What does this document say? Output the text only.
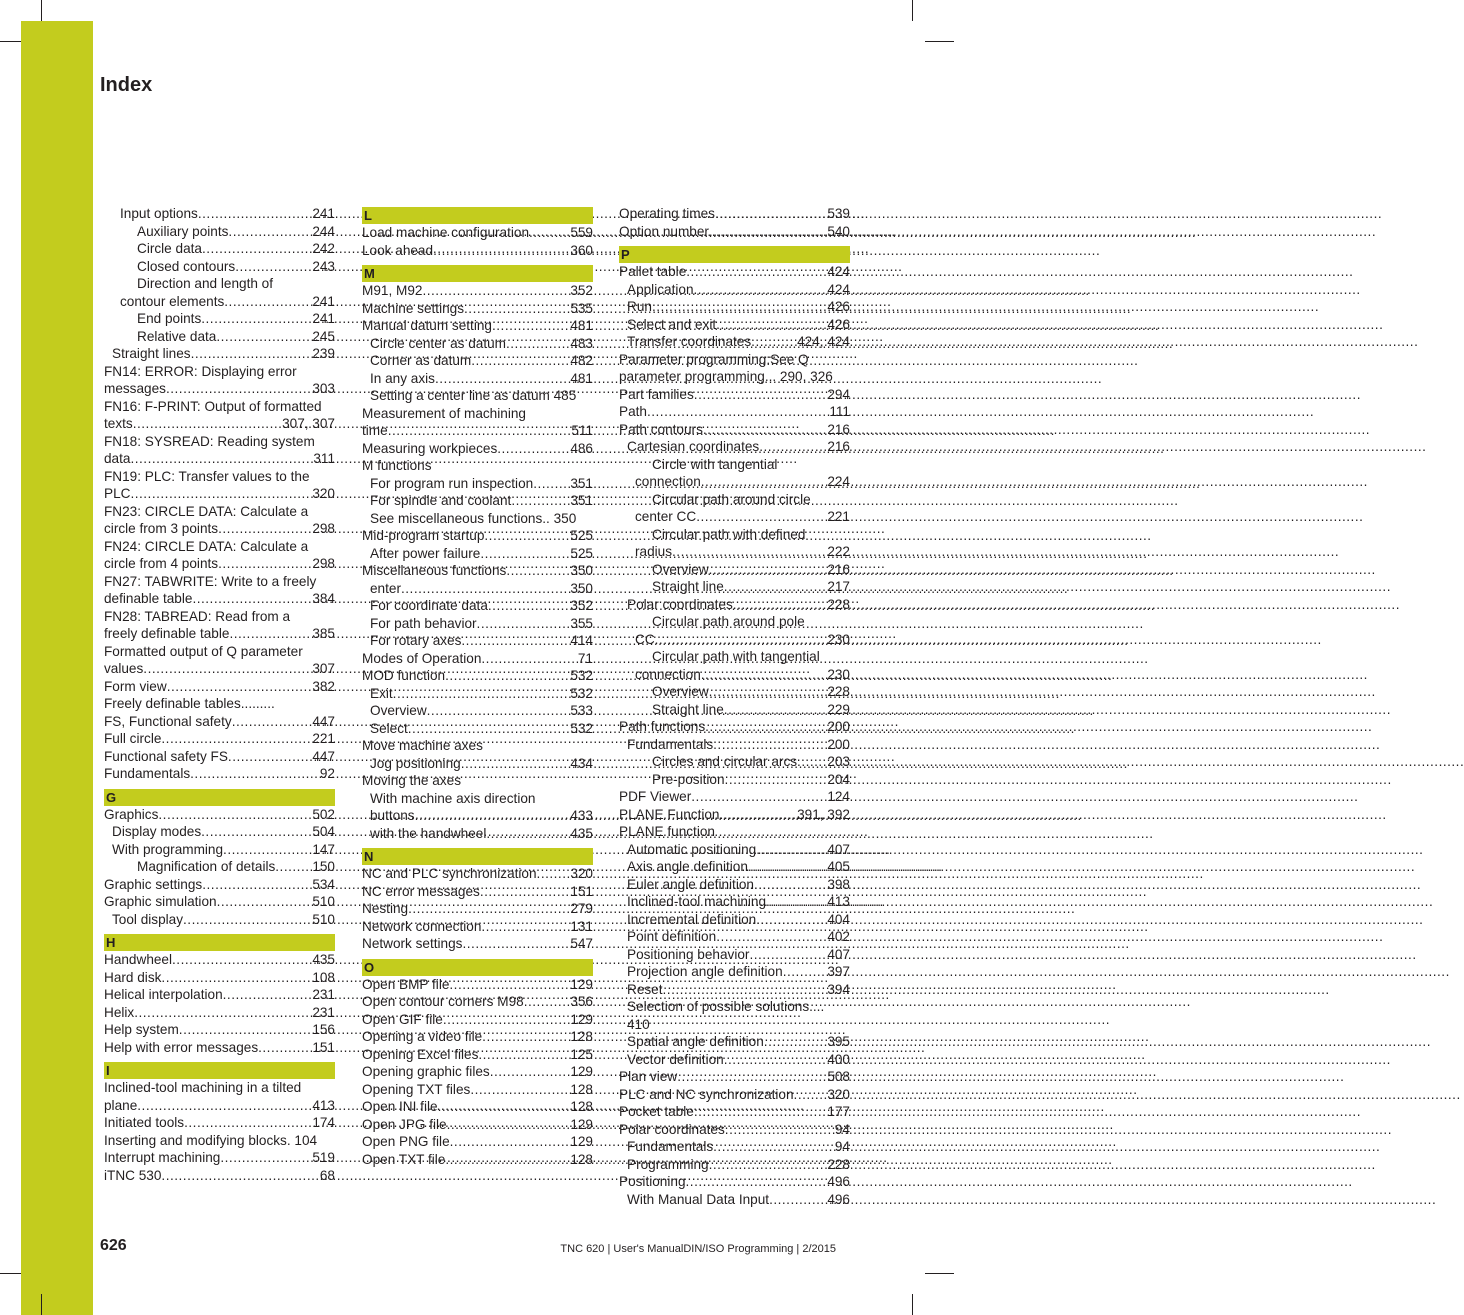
Index
Input options .....	241
Auxiliary points .....	244
Circle data .....	242
Closed contours .....	243
Direction and length of
contour elements .....	241
End points .....	241
Relative data .....	245
Straight lines .....	239
FN14: ERROR: Displaying error
messages .....	303
FN16: F-PRINT: Output of formatted
texts .....	307, 307
FN18: SYSREAD: Reading system
data .....	311
FN19: PLC: Transfer values to the
PLC .....	320
FN23: CIRCLE DATA: Calculate a
circle from 3 points .....	298
FN24: CIRCLE DATA: Calculate a
circle from 4 points .....	298
FN27: TABWRITE: Write to a freely
definable table .....	384
FN28: TABREAD: Read from a
freely definable table .....	385
Formatted output of Q parameter
values .....	307
Form view .....	382
Freely definable tables.........
FS, Functional safety .....	447
Full circle .....	221
Functional safety FS .....	447
Fundamentals .....	92
G
Graphics .....	502
Display modes .....	504
With programming .....	147
Magnification of details .....	150
Graphic settings .....	534
Graphic simulation .....	510
Tool display .....	510
H
Handwheel .....	435
Hard disk .....	108
Helical interpolation .....	231
Helix .....	231
Help system .....	156
Help with error messages .....	151
I
Inclined-tool machining in a tilted
plane .....	413
Initiated tools .....	174
Inserting and modifying blocks. 104
Interrupt machining .....	519
iTNC 530 .....	68
L
Load machine configuration .....	559
Look ahead .....	360
M
M91, M92 .....	352
Machine settings .....	535
Manual datum setting .....	481
Circle center as datum .....	483
Corner as datum .....	482
In any axis .....	481
Setting a center line as datum 485
Measurement of machining
time .....	511
Measuring workpieces .....	486
M functions
For program run inspection .....	351
For spindle and coolant .....	351
See miscellaneous functions.. 350
Mid-program startup .....	525
After power failure .....	525
Miscellaneous functions .....	350
enter .....	350
For coordinate data .....	352
For path behavior .....	355
For rotary axes .....	414
Modes of Operation .....	71
MOD function .....	532
Exit .....	532
Overview .....	533
Select .....	532
Move machine axes
Jog positioning .....	434
Moving the axes
With machine axis direction
buttons .....	433
with the handwheel .....	435
N
NC and PLC synchronization ..... 320
NC error messages .....	151
Nesting .....	279
Network connection .....	131
Network settings .....	547
O
Open BMP file .....	129
Open contour corners M98 .....	356
Open GIF file .....	129
Opening a video file .....	128
Opening Excel files .....	125
Opening graphic files .....	129
Opening TXT files .....	128
Open INI file .....	128
Open JPG file .....	129
Open PNG file .....	129
Open TXT file .....	128
Operating times .....	539
Option number .....	540
P
Pallet table .....	424
Application .....	424
Run .....	426
Select and exit .....	426
Transfer coordinates .....	424, 424
Parameter programming:See Q
parameter programming... 290, 326
Part families .....	294
Path .....	111
Path contours .....	216
Cartesian coordinates .....	216
Circle with tangential
connection .....	224
Circular path around circle
center CC .....	221
Circular path with defined
radius .....	222
Overview .....	216
Straight line .....	217
Polar coordinates .....	228
Circular path around pole
CC .....	230
Circular path with tangential
connection .....	230
Overview .....	228
Straight line .....	229
Path functions .....	200
Fundamentals .....	200
Circles and circular arcs ..... 203
Pre-position .....	204
PDF Viewer .....	124
PLANE Function .....	391, 392
PLANE function
Automatic positioning .....	407
Axis angle definition .....	405
Euler angle definition .....	398
Inclined-tool machining .....	413
Incremental definition .....	404
Point definition .....	402
Positioning behavior .....	407
Projection angle definition .....	397
Reset .....	394
Selection of possible solutions....
410
Spatial angle definition .....	395
Vector definition .....	400
Plan view .....	508
PLC and NC synchronization ..... 320
Pocket table .....	177
Polar coordinates .....	94
Fundamentals .....	94
Programming .....	228
Positioning .....	496
With Manual Data Input .....	496

626	TNC 620 | User's ManualDIN/ISO Programming | 2/2015
